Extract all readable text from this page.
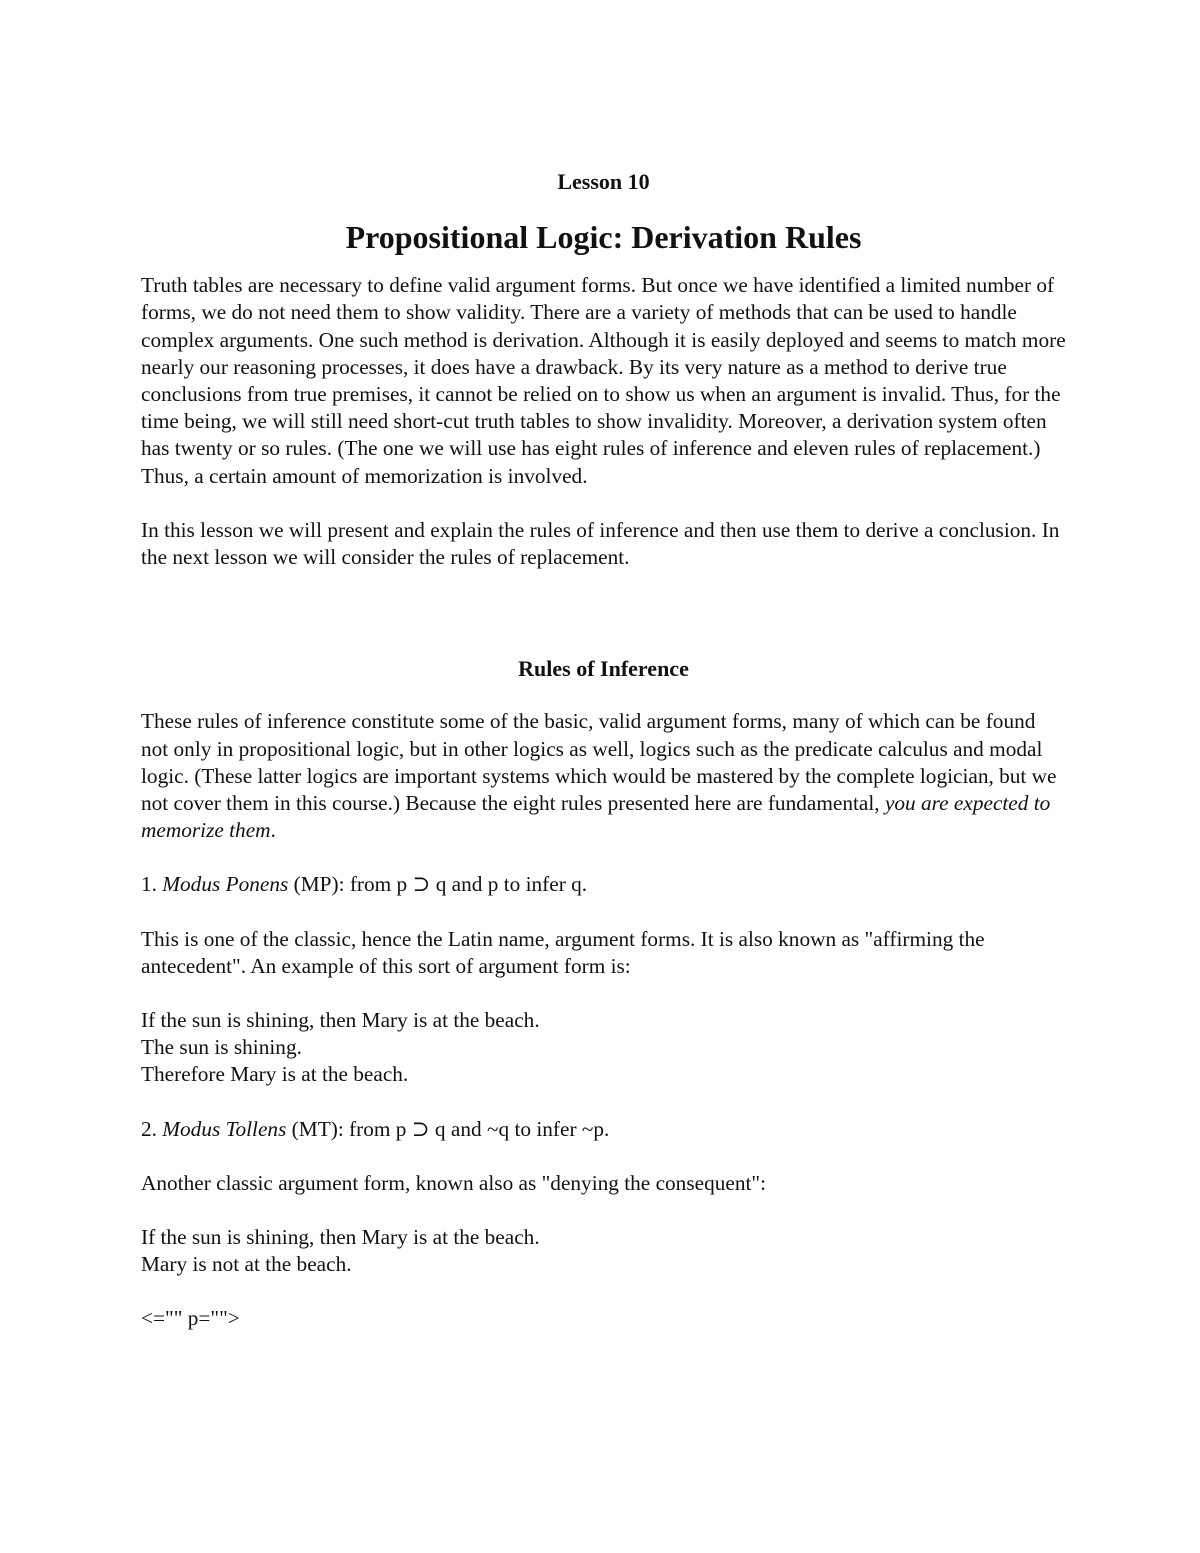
Lesson 10
Propositional Logic: Derivation Rules

Truth tables are necessary to define valid argument forms. But once we have identified a limited number of forms, we do not need them to show validity. There are a variety of methods that can be used to handle complex arguments. One such method is derivation. Although it is easily deployed and seems to match more nearly our reasoning processes, it does have a drawback. By its very nature as a method to derive true conclusions from true premises, it cannot be relied on to show us when an argument is invalid. Thus, for the time being, we will still need short-cut truth tables to show invalidity. Moreover, a derivation system often has twenty or so rules. (The one we will use has eight rules of inference and eleven rules of replacement.) Thus, a certain amount of memorization is involved.

In this lesson we will present and explain the rules of inference and then use them to derive a conclusion. In the next lesson we will consider the rules of replacement.

Rules of Inference

These rules of inference constitute some of the basic, valid argument forms, many of which can be found not only in propositional logic, but in other logics as well, logics such as the predicate calculus and modal logic. (These latter logics are important systems which would be mastered by the complete logician, but we not cover them in this course.) Because the eight rules presented here are fundamental, you are expected to memorize them.

1. Modus Ponens (MP): from p ⊃ q and p to infer q.

This is one of the classic, hence the Latin name, argument forms. It is also known as "affirming the antecedent". An example of this sort of argument form is:

If the sun is shining, then Mary is at the beach.
The sun is shining.
Therefore Mary is at the beach.

2. Modus Tollens (MT): from p ⊃ q and ~q to infer ~p.

Another classic argument form, known also as "denying the consequent":

If the sun is shining, then Mary is at the beach.
Mary is not at the beach.

<="" p="">
